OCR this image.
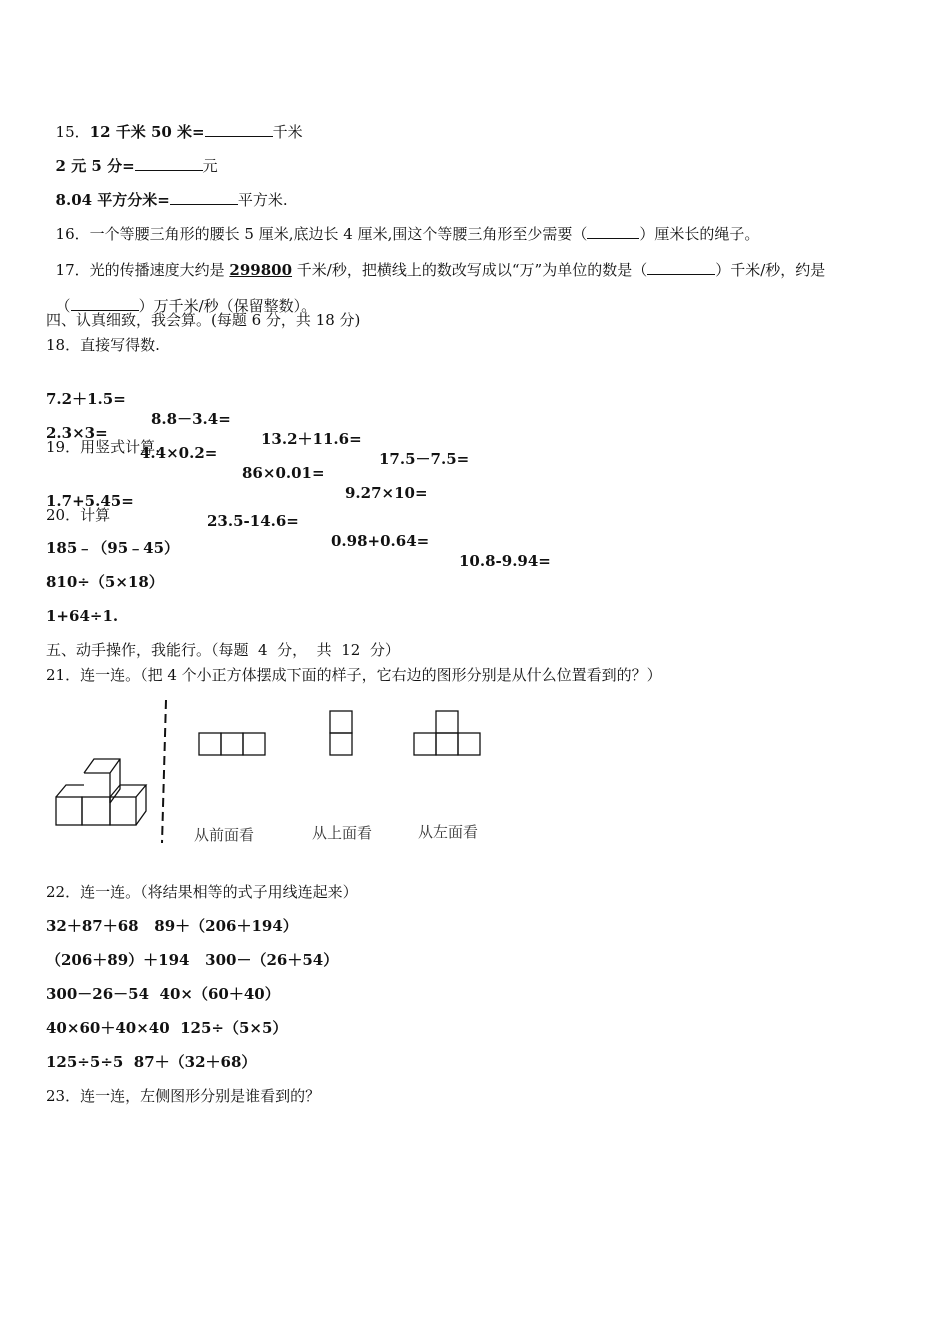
15．12 千米 50 米=	千米

2 元 5 分=	元

8.04 平方分米=	平方米.

16．一个等腰三角形的腰长 5 厘米,底边长 4 厘米,围这个等腰三角形至少需要（	）厘米长的绳子。

17．光的传播速度大约是 299800 千米/秒，把横线上的数改写成以“万”为单位的数是（	）千米/秒，约是

（	）万千米/秒（保留整数）。

四、认真细致，我会算。(每题 6 分，共 18 分)
18．直接写得数.

7.2＋1.5=

8.8－3.4=

13.2＋11.6=

17.5－7.5=

2.3×3=

4.4×0.2=

86×0.01=

9.27×10=

19．用竖式计算.

1.7+5.45=

23.5-14.6=

0.98+0.64=

10.8-9.94=

20．计算
185﹣（95﹣45）
810÷（5×18）
1+64÷1.
五、动手操作，我能行。（每题  4  分，  共  12  分）
21．连一连。（把 4 个小正方体摆成下面的样子，它右边的图形分别是从什么位置看到的？）
从前面看	从上面看	从左面看
22．连一连。（将结果相等的式子用线连起来）
32＋87＋68   89＋（206＋194）
（206＋89）＋194   300－（26＋54）
300－26－54  40×（60＋40）
40×60＋40×40  125÷（5×5）
125÷5÷5  87＋（32＋68）
23．连一连，左侧图形分别是谁看到的？
